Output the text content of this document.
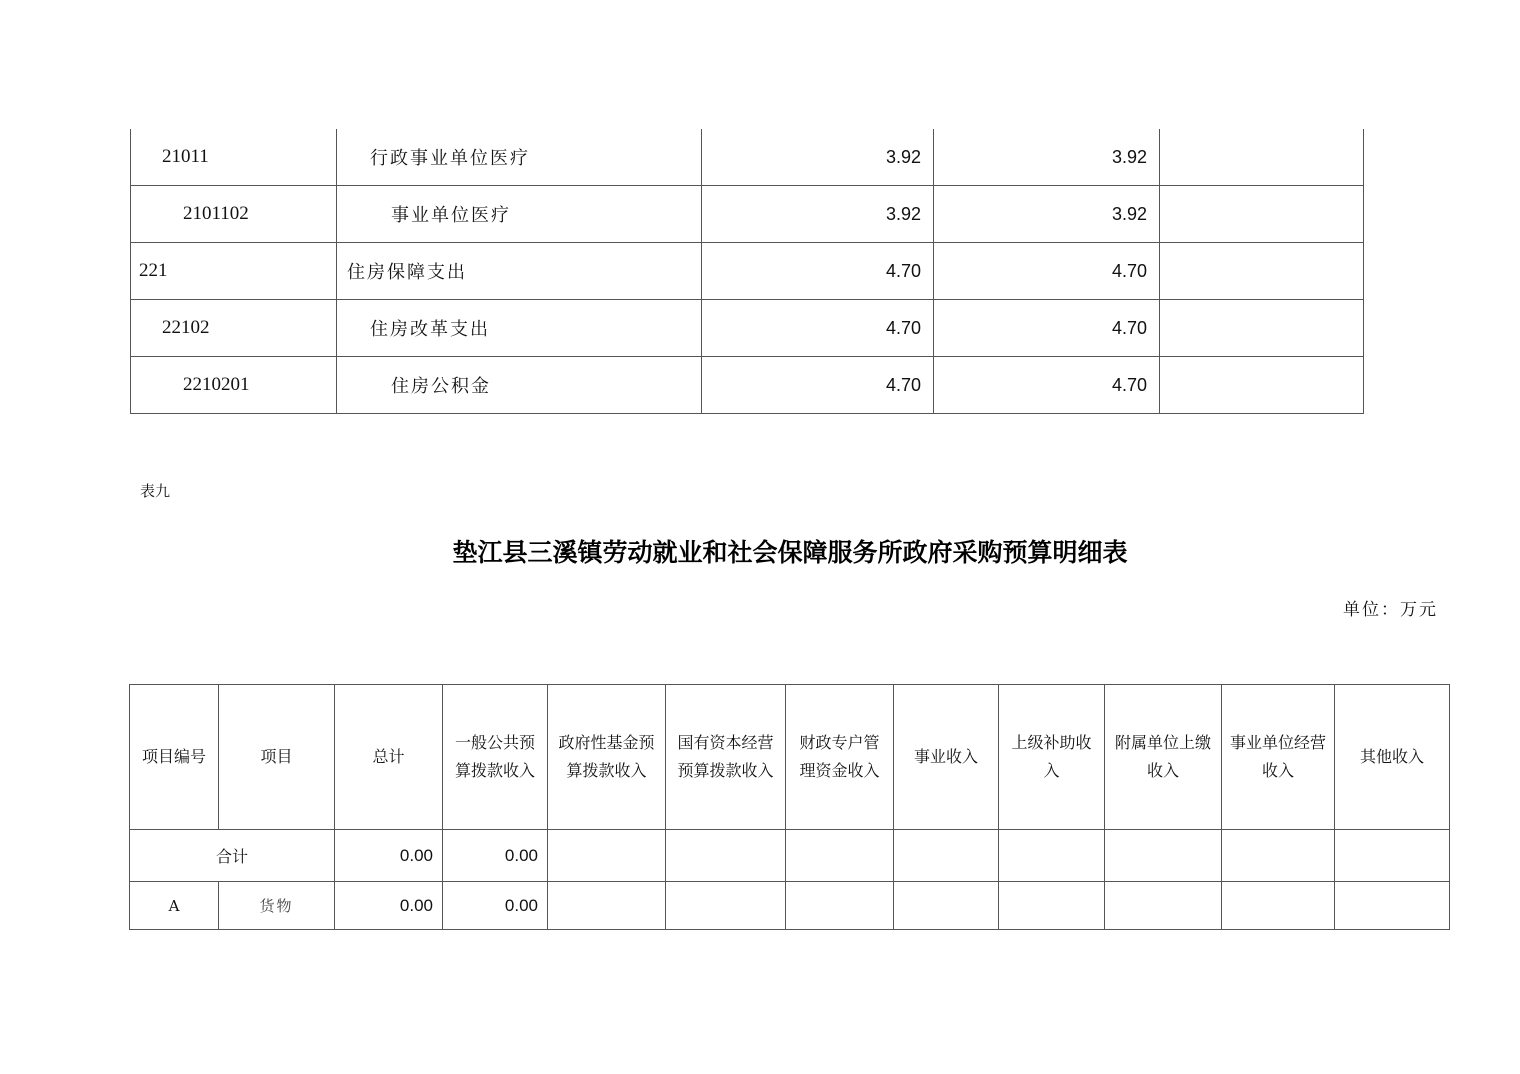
21011	行政事业单位医疗	3.92	3.92	
2101102	事业单位医疗	3.92	3.92	
221	住房保障支出	4.70	4.70	
22102	住房改革支出	4.70	4.70	
2210201	住房公积金	4.70	4.70	
表九
垫江县三溪镇劳动就业和社会保障服务所政府采购预算明细表
单位：万元
项目编号	项目	总计	一般公共预算拨款收入	政府性基金预算拨款收入	国有资本经营预算拨款收入	财政专户管理资金收入	事业收入	上级补助收入	附属单位上缴收入	事业单位经营收入	其他收入
合计		0.00	0.00								
A	货物	0.00	0.00								
